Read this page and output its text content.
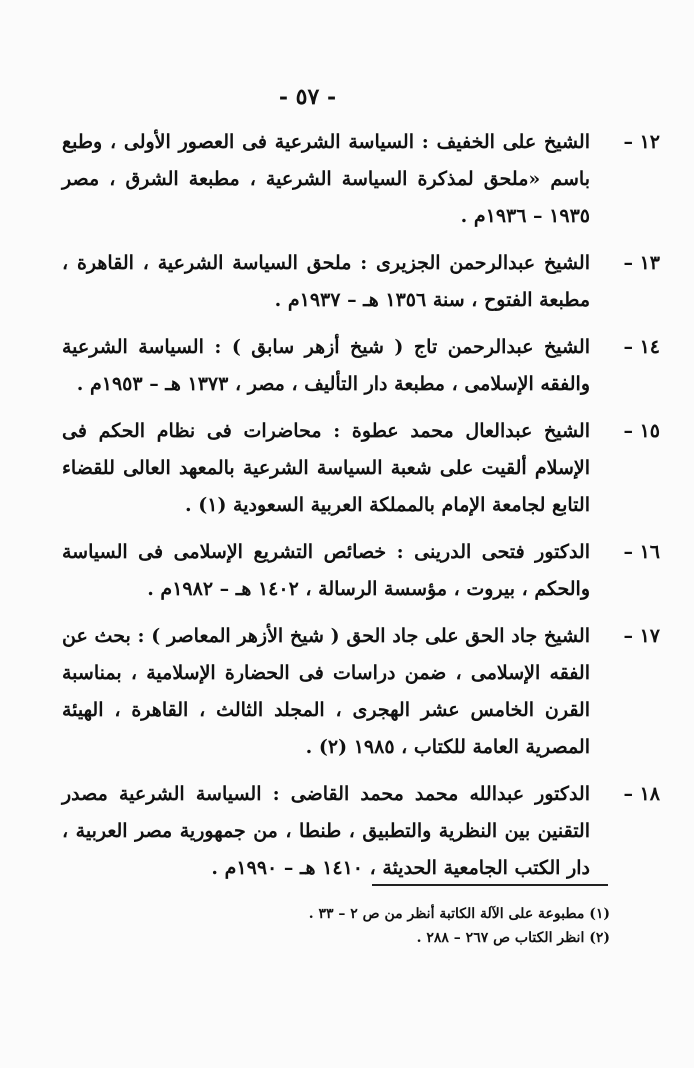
- ٥٧ -
١٢ –
الشيخ على الخفيف : السياسة الشرعية فى العصور الأولى ، وطبع باسم «ملحق لمذكرة السياسة الشرعية ، مطبعة الشرق ، مصر ١٩٣٥ – ١٩٣٦م .
١٣ –
الشيخ عبدالرحمن الجزيرى : ملحق السياسة الشرعية ، القاهرة ، مطبعة الفتوح ، سنة ١٣٥٦ هـ – ١٩٣٧م .
١٤ –
الشيخ عبدالرحمن تاج ( شيخ أزهر سابق ) : السياسة الشرعية والفقه الإسلامى ، مطبعة دار التأليف ، مصر ، ١٣٧٣ هـ – ١٩٥٣م .
١٥ –
الشيخ عبدالعال محمد عطوة : محاضرات فى نظام الحكم فى الإسلام ألقيت على شعبة السياسة الشرعية بالمعهد العالى للقضاء التابع لجامعة الإمام بالمملكة العربية السعودية (١) .
١٦ –
الدكتور فتحى الدرينى : خصائص التشريع الإسلامى فى السياسة والحكم ، بيروت ، مؤسسة الرسالة ، ١٤٠٢ هـ – ١٩٨٢م .
١٧ –
الشيخ جاد الحق على جاد الحق ( شيخ الأزهر المعاصر ) : بحث عن الفقه الإسلامى ، ضمن دراسات فى الحضارة الإسلامية ، بمناسبة القرن الخامس عشر الهجرى ، المجلد الثالث ، القاهرة ، الهيئة المصرية العامة للكتاب ، ١٩٨٥ (٢) .
١٨ –
الدكتور عبدالله محمد محمد القاضى : السياسة الشرعية مصدر التقنين بين النظرية والتطبيق ، طنطا ، من جمهورية مصر العربية ، دار الكتب الجامعية الحديثة ، ١٤١٠ هـ – ١٩٩٠م .
(١) مطبوعة على الآلة الكاتبة أنظر من ص ٢ – ٣٣ .
(٢) انظر الكتاب ص ٢٦٧ – ٢٨٨ .
